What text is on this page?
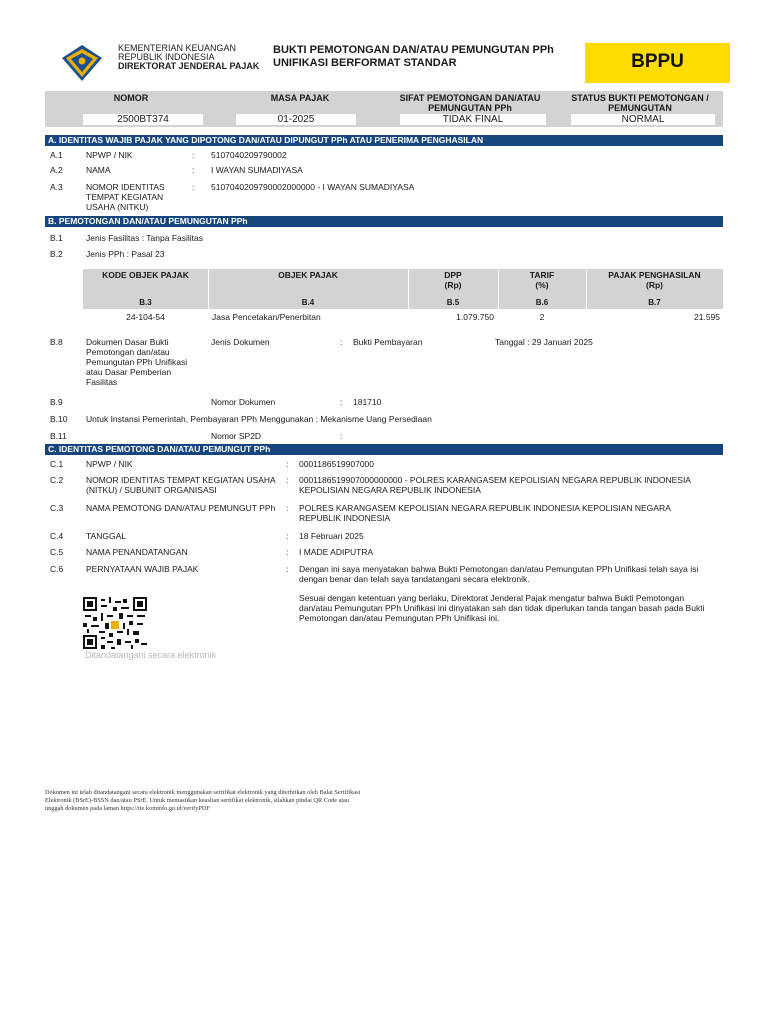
KEMENTERIAN KEUANGAN
REPUBLIK INDONESIA
DIREKTORAT JENDERAL PAJAK
BUKTI PEMOTONGAN DAN/ATAU PEMUNGUTAN PPh
UNIFIKASI BERFORMAT STANDAR	BPPU
NOMOR
2500BT374
MASA PAJAK
01-2025
SIFAT PEMOTONGAN DAN/ATAU
PEMUNGUTAN PPh
TIDAK FINAL
STATUS BUKTI PEMOTONGAN /
PEMUNGUTAN
NORMAL
A. IDENTITAS WAJIB PAJAK YANG DIPOTONG DAN/ATAU DIPUNGUT PPh ATAU PENERIMA PENGHASILAN
A.1	NPWP / NIK	: 5107040209790002
A.2	NAMA	: I WAYAN SUMADIYASA
A.3	NOMOR IDENTITAS TEMPAT KEGIATAN USAHA (NITKU)
: 5107040209790002000000 - I WAYAN SUMADIYASA
B. PEMOTONGAN DAN/ATAU PEMUNGUTAN PPh
B.1	Jenis Fasilitas : Tanpa Fasilitas
B.2	Jenis PPh : Pasal 23
KODE OBJEK PAJAK	OBJEK PAJAK	DPP
(Rp)
TARIF
(%)
PAJAK PENGHASILAN
(Rp)
B.3	B.4	B.5	B.6	B.7
24-104-54	Jasa Pencetakan/Penerbitan	1.079.750	2	21.595
B.8	Dokumen Dasar Bukti Pemotongan dan/atau Pemungutan PPh Unifikasi atau Dasar Pemberian Fasilitas
Jenis Dokumen	: Bukti Pembayaran	Tanggal : 29 Januari 2025
B.9	Nomor Dokumen	: 181710
B.10 Untuk Instansi Pemerintah, Pembayaran PPh Menggunakan : Mekanisme Uang Persediaan
B.11	Nomor SP2D	:
C. IDENTITAS PEMOTONG DAN/ATAU PEMUNGUT PPh
C.1	NPWP / NIK	: 0001186519907000
C.2	NOMOR IDENTITAS TEMPAT KEGIATAN USAHA (NITKU) / SUBUNIT ORGANISASI
: 0001186519907000000000 - POLRES KARANGASEM KEPOLISIAN NEGARA REPUBLIK INDONESIA KEPOLISIAN NEGARA REPUBLIK INDONESIA
C.3	NAMA PEMOTONG DAN/ATAU PEMUNGUT PPh	: POLRES KARANGASEM KEPOLISIAN NEGARA REPUBLIK INDONESIA KEPOLISIAN NEGARA REPUBLIK INDONESIA
C.4	TANGGAL	: 18 Februari 2025
C.5	NAMA PENANDATANGAN	: I MADE ADIPUTRA
C.6	PERNYATAAN WAJIB PAJAK	: Dengan ini saya menyatakan bahwa Bukti Pemotongan dan/atau Pemungutan PPh Unifikasi telah saya isi dengan benar dan telah saya tandatangani secara elektronik.
Sesuai dengan ketentuan yang berlaku, Direktorat Jenderal Pajak mengatur bahwa Bukti Pemotongan dan/atau Pemungutan PPh Unifikasi ini dinyatakan sah dan tidak diperlukan tanda tangan basah pada Bukti Pemotongan dan/atau Pemungutan PPh Unifikasi ini.
Ditandatangani secara elektronik
Dokumen ini telah ditandatangani secara elektronik menggunakan sertifikat elektronik yang diterbitkan oleh Balai Sertifikasi Elektronik (BSrE)-BSSN dan/atau PSrE. Untuk memastikan keaslian sertifikat elektronik, silahkan pindai QR Code atau unggah dokumen pada laman https://tte.kominfo.go.id/verifyPDF
